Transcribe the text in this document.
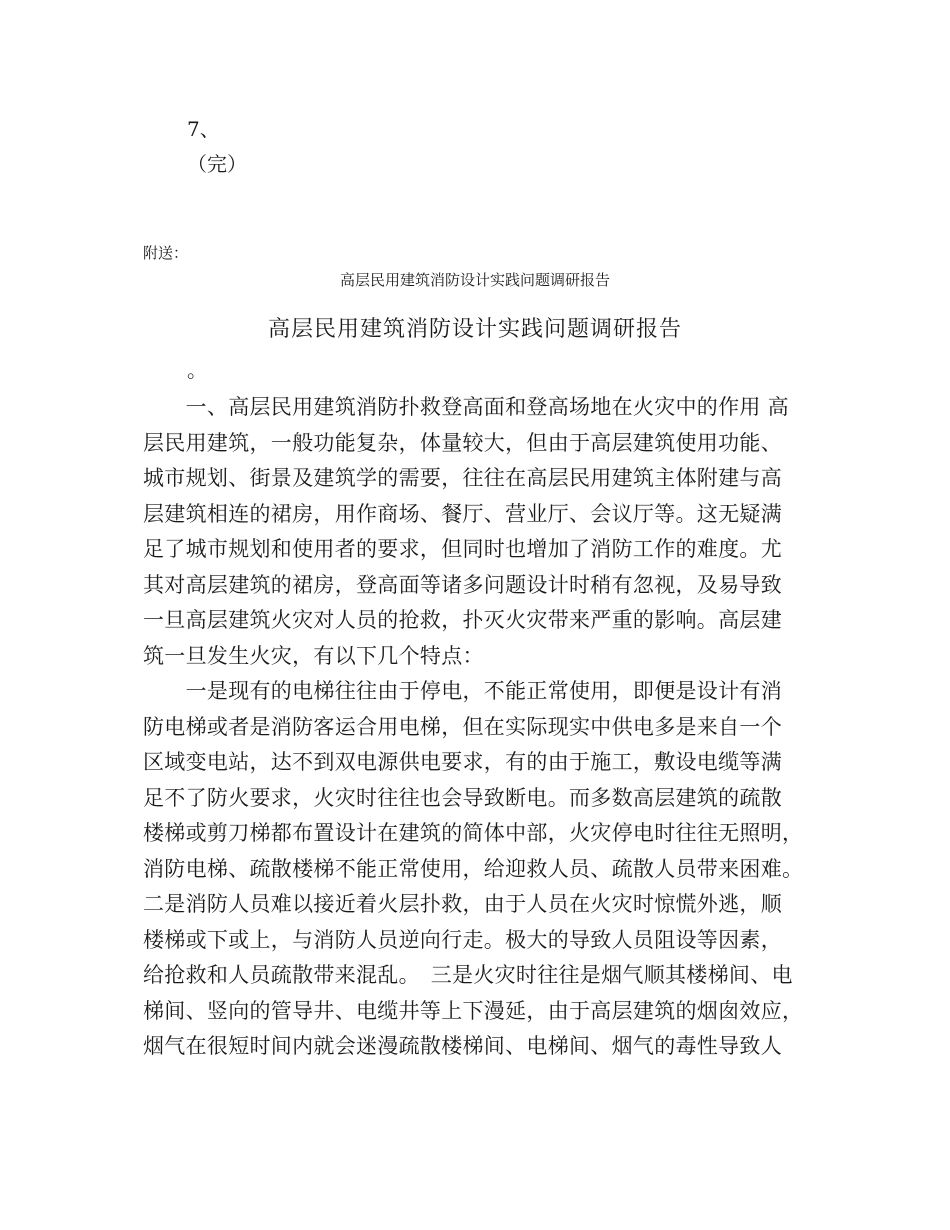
7、
（完）
附送：
高层民用建筑消防设计实践问题调研报告
高层民用建筑消防设计实践问题调研报告
。
　　一、高层民用建筑消防扑救登高面和登高场地在火灾中的作用 高
层民用建筑，一般功能复杂，体量较大，但由于高层建筑使用功能、
城市规划、街景及建筑学的需要，往往在高层民用建筑主体附建与高
层建筑相连的裙房，用作商场、餐厅、营业厅、会议厅等。这无疑满
足了城市规划和使用者的要求，但同时也增加了消防工作的难度。尤
其对高层建筑的裙房，登高面等诸多问题设计时稍有忽视，及易导致
一旦高层建筑火灾对人员的抢救，扑灭火灾带来严重的影响。高层建
筑一旦发生火灾，有以下几个特点：
　　一是现有的电梯往往由于停电，不能正常使用，即便是设计有消
防电梯或者是消防客运合用电梯，但在实际现实中供电多是来自一个
区域变电站，达不到双电源供电要求，有的由于施工，敷设电缆等满
足不了防火要求，火灾时往往也会导致断电。而多数高层建筑的疏散
楼梯或剪刀梯都布置设计在建筑的简体中部，火灾停电时往往无照明，
消防电梯、疏散楼梯不能正常使用，给迎救人员、疏散人员带来困难。
二是消防人员难以接近着火层扑救，由于人员在火灾时惊慌外逃，顺
楼梯或下或上，与消防人员逆向行走。极大的导致人员阻设等因素，
给抢救和人员疏散带来混乱。　三是火灾时往往是烟气顺其楼梯间、电
梯间、竖向的管导井、电缆井等上下漫延，由于高层建筑的烟囱效应，
烟气在很短时间内就会迷漫疏散楼梯间、电梯间、烟气的毒性导致人
